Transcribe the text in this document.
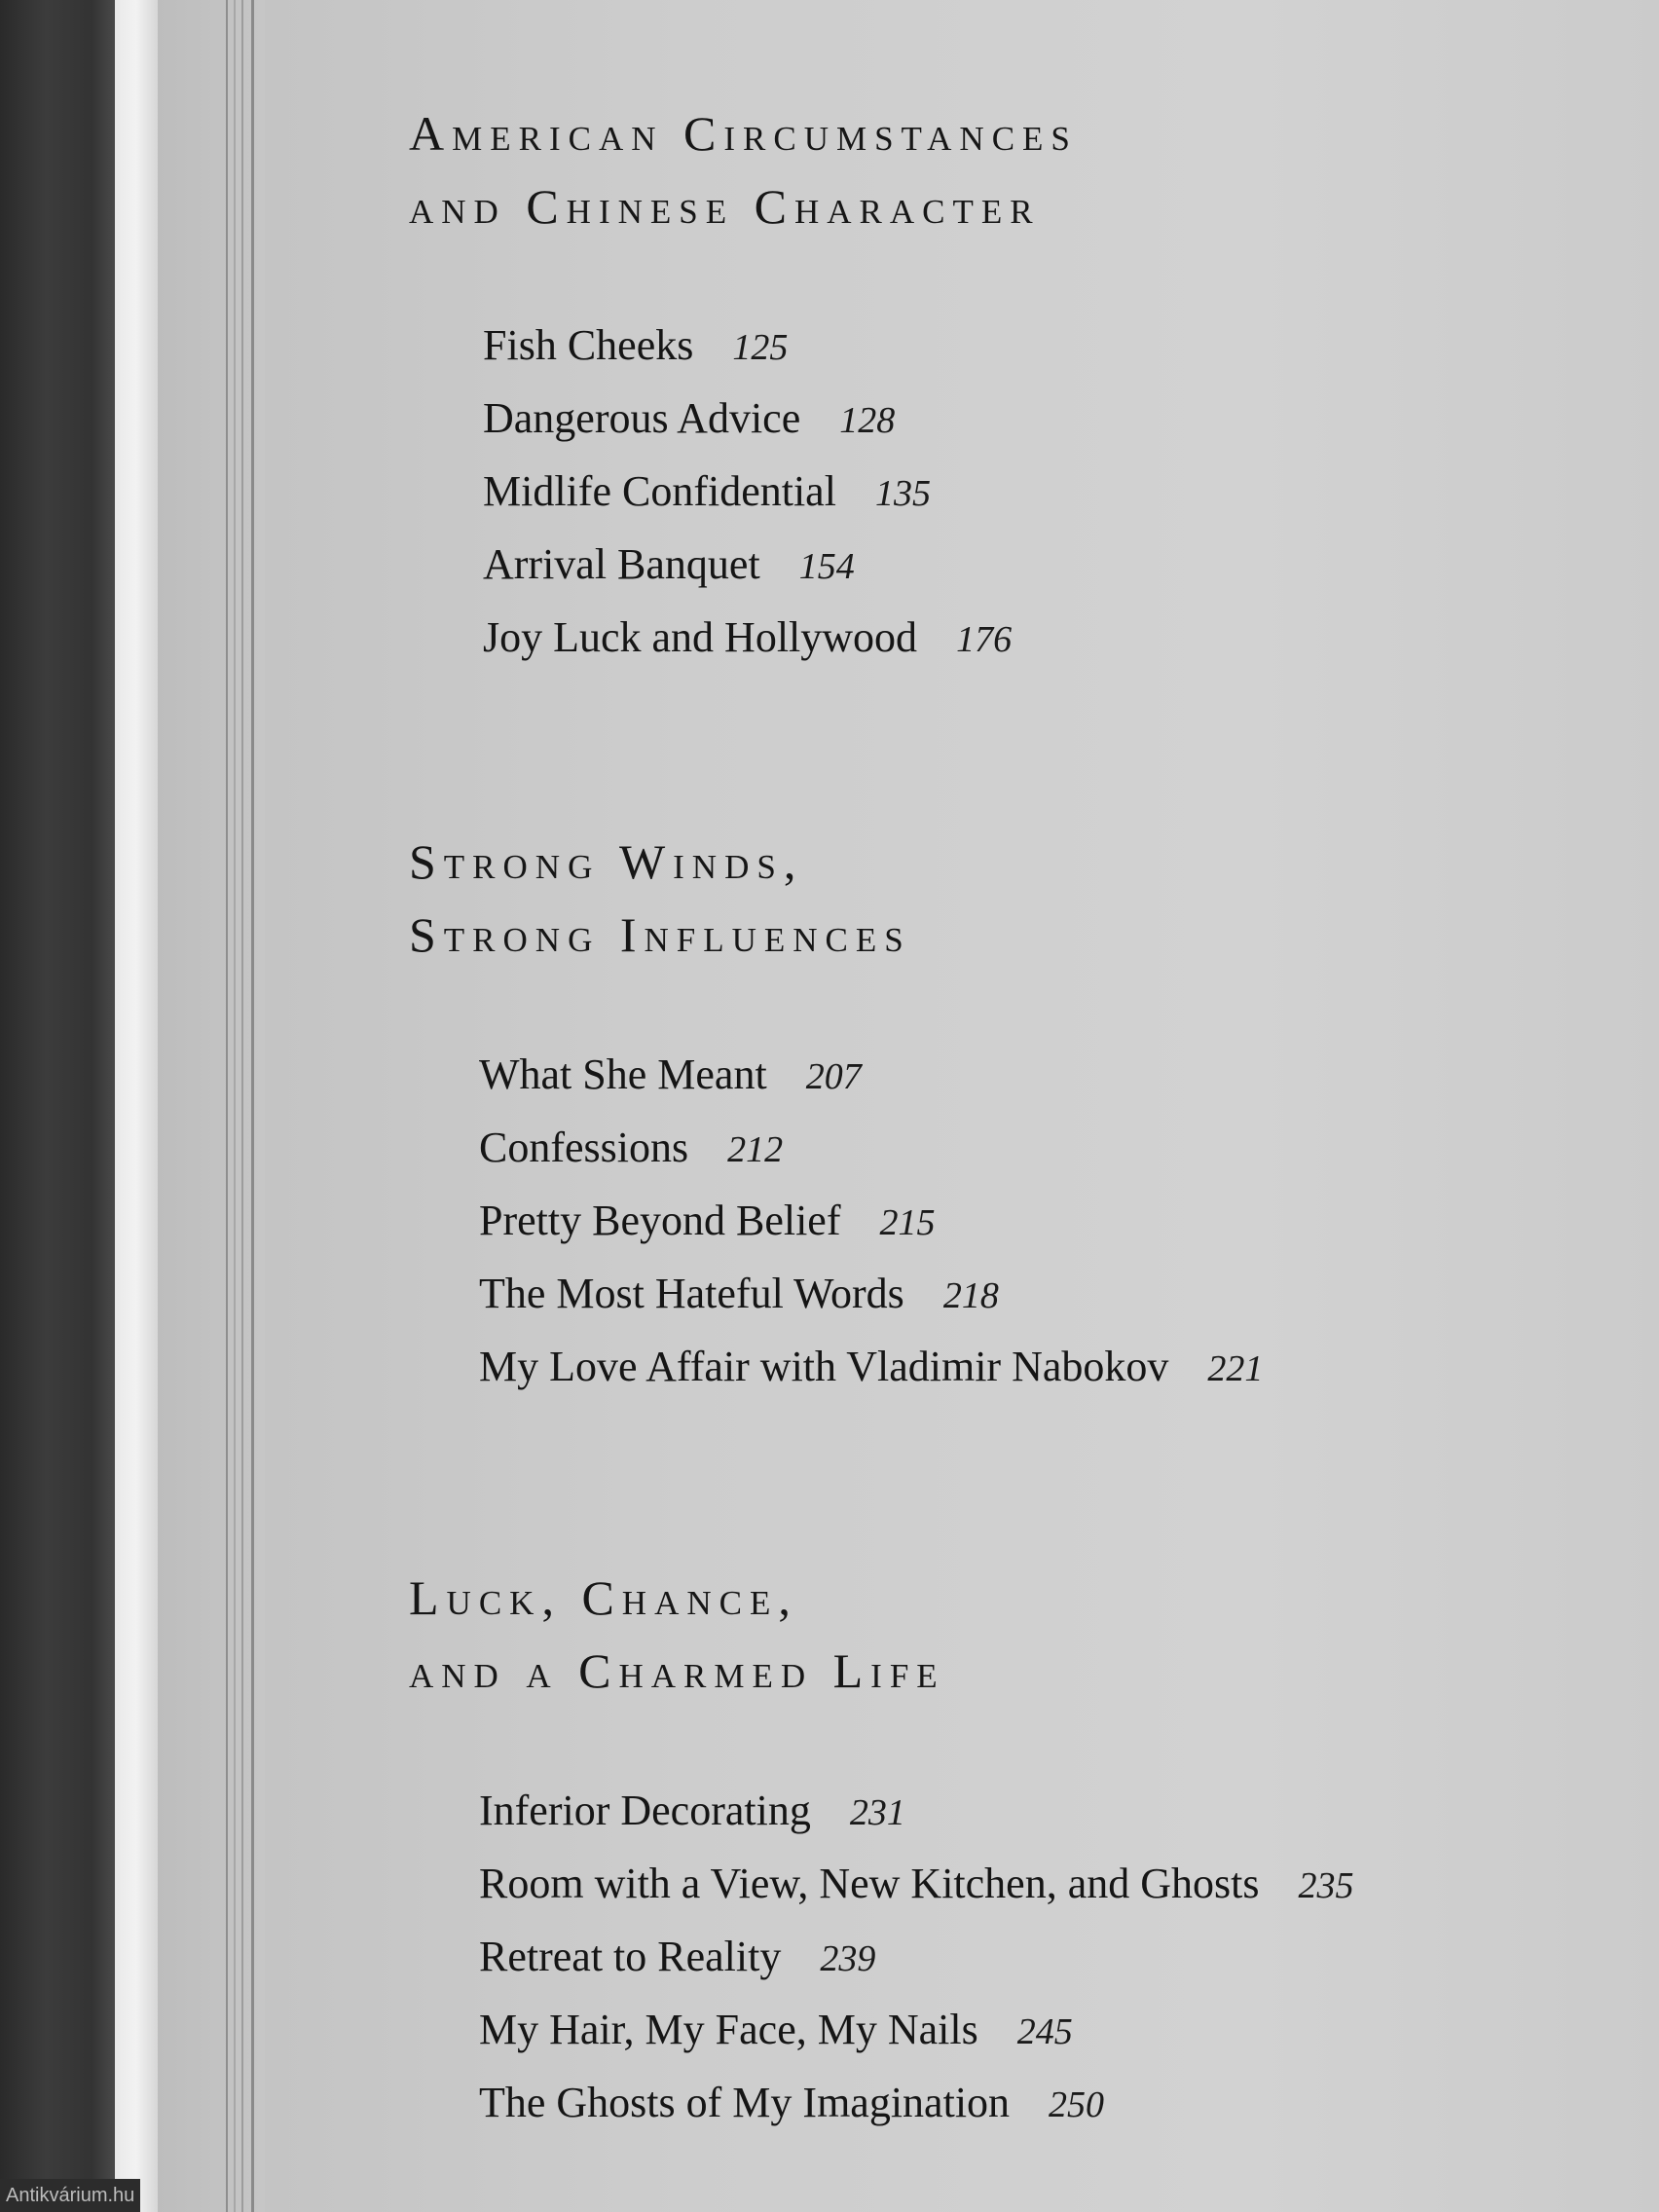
American Circumstances
and Chinese Character
Fish Cheeks 125
Dangerous Advice 128
Midlife Confidential 135
Arrival Banquet 154
Joy Luck and Hollywood 176
Strong Winds,
Strong Influences
What She Meant 207
Confessions 212
Pretty Beyond Belief 215
The Most Hateful Words 218
My Love Affair with Vladimir Nabokov 221
Luck, Chance,
and a Charmed Life
Inferior Decorating 231
Room with a View, New Kitchen, and Ghosts 235
Retreat to Reality 239
My Hair, My Face, My Nails 245
The Ghosts of My Imagination 250
Antikvárium.hu
